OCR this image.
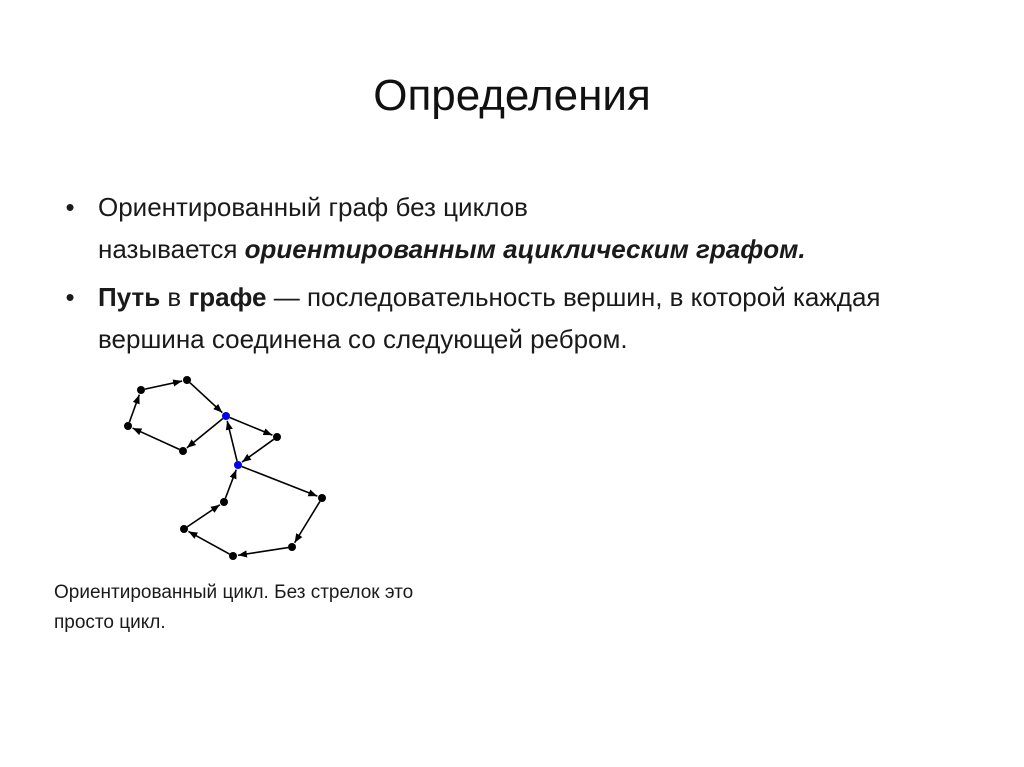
Определения
• Ориентированный граф без циклов
называется ориентированным ациклическим графом.
• Путь в графе — последовательность вершин, в которой каждая вершина соединена со следующей ребром.
Ориентированный цикл. Без стрелок это
просто цикл.
